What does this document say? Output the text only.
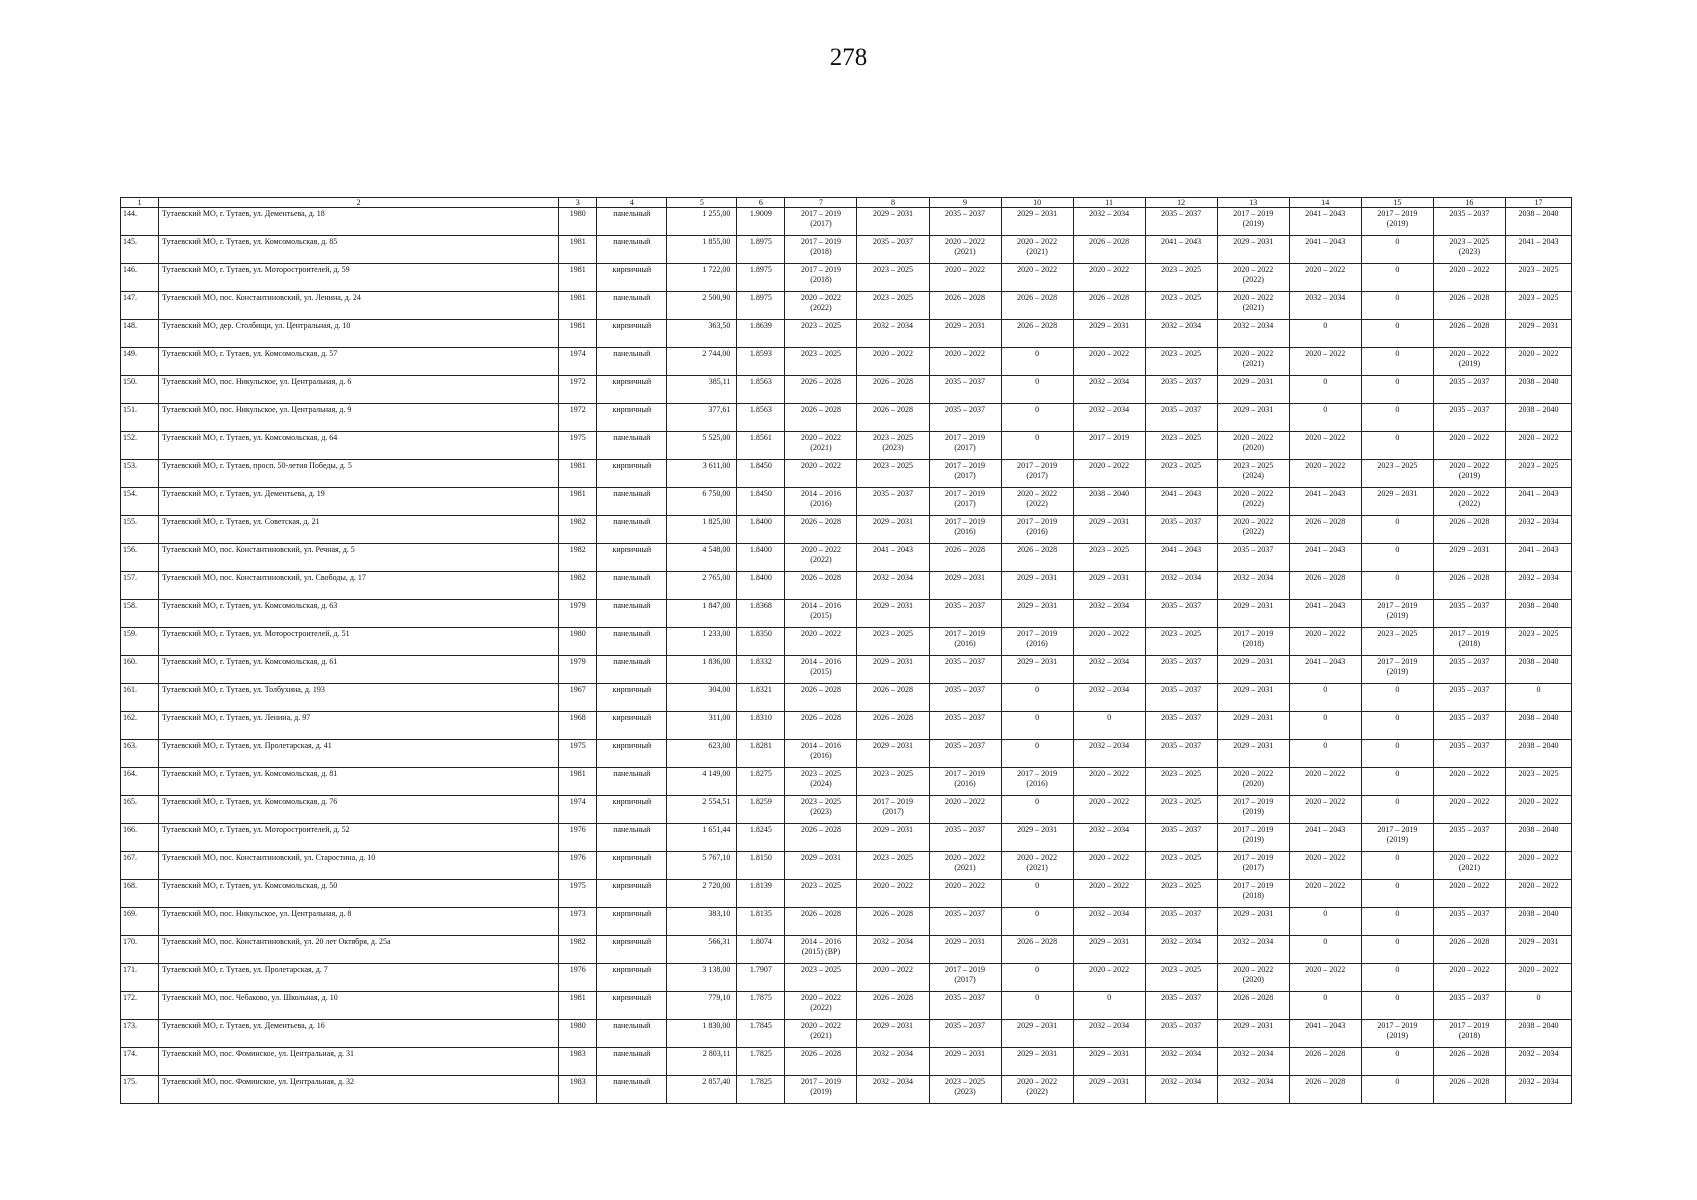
278
1	2	3	4	5	6	7	8	9	10	11	12	13	14	15	16	17
144.	Тутаевский МО, г. Тутаев, ул. Дементьева, д. 18	1980	панельный	1 255,00	1.9009	2017 – 2019
(2017)	2029 – 2031	2035 – 2037	2029 – 2031	2032 – 2034	2035 – 2037	2017 – 2019
(2019)	2041 – 2043	2017 – 2019
(2019)	2035 – 2037	2038 – 2040
145.	Тутаевский МО, г. Тутаев, ул. Комсомольская, д. 85	1981	панельный	1 855,00	1.8975	2017 – 2019
(2018)	2035 – 2037	2020 – 2022
(2021)	2020 – 2022
(2021)	2026 – 2028	2041 – 2043	2029 – 2031	2041 – 2043	0	2023 – 2025
(2023)	2041 – 2043
146.	Тутаевский МО, г. Тутаев, ул. Моторостроителей, д. 59	1981	кирпичный	1 722,00	1.8975	2017 – 2019
(2018)	2023 – 2025	2020 – 2022	2020 – 2022	2020 – 2022	2023 – 2025	2020 – 2022
(2022)	2020 – 2022	0	2020 – 2022	2023 – 2025
147.	Тутаевский МО, пос. Константиновский, ул. Ленина, д. 24	1981	панельный	2 500,90	1.8975	2020 – 2022
(2022)	2023 – 2025	2026 – 2028	2026 – 2028	2026 – 2028	2023 – 2025	2020 – 2022
(2021)	2032 – 2034	0	2026 – 2028	2023 – 2025
148.	Тутаевский МО, дер. Столбищи, ул. Центральная, д. 10	1981	кирпичный	363,50	1.8639	2023 – 2025	2032 – 2034	2029 – 2031	2026 – 2028	2029 – 2031	2032 – 2034	2032 – 2034	0	0	2026 – 2028	2029 – 2031
149.	Тутаевский МО, г. Тутаев, ул. Комсомольская, д. 57	1974	панельный	2 744,00	1.8593	2023 – 2025	2020 – 2022	2020 – 2022	0	2020 – 2022	2023 – 2025	2020 – 2022
(2021)	2020 – 2022	0	2020 – 2022
(2019)	2020 – 2022
150.	Тутаевский МО, пос. Никульское, ул. Центральная, д. 6	1972	кирпичный	385,11	1.8563	2026 – 2028	2026 – 2028	2035 – 2037	0	2032 – 2034	2035 – 2037	2029 – 2031	0	0	2035 – 2037	2038 – 2040
151.	Тутаевский МО, пос. Никульское, ул. Центральная, д. 9	1972	кирпичный	377,61	1.8563	2026 – 2028	2026 – 2028	2035 – 2037	0	2032 – 2034	2035 – 2037	2029 – 2031	0	0	2035 – 2037	2038 – 2040
152.	Тутаевский МО, г. Тутаев, ул. Комсомольская, д. 64	1975	панельный	5 525,00	1.8561	2020 – 2022
(2021)	2023 – 2025
(2023)	2017 – 2019
(2017)	0	2017 – 2019	2023 – 2025	2020 – 2022
(2020)	2020 – 2022	0	2020 – 2022	2020 – 2022
153.	Тутаевский МО, г. Тутаев, просп. 50-летия Победы, д. 5	1981	кирпичный	3 611,00	1.8450	2020 – 2022	2023 – 2025	2017 – 2019
(2017)	2017 – 2019
(2017)	2020 – 2022	2023 – 2025	2023 – 2025
(2024)	2020 – 2022	2023 – 2025	2020 – 2022
(2019)	2023 – 2025
154.	Тутаевский МО, г. Тутаев, ул. Дементьева, д. 19	1981	панельный	6 750,00	1.8450	2014 – 2016
(2016)	2035 – 2037	2017 – 2019
(2017)	2020 – 2022
(2022)	2038 – 2040	2041 – 2043	2020 – 2022
(2022)	2041 – 2043	2029 – 2031	2020 – 2022
(2022)	2041 – 2043
155.	Тутаевский МО, г. Тутаев, ул. Советская, д. 21	1982	панельный	1 825,00	1.8400	2026 – 2028	2029 – 2031	2017 – 2019
(2016)	2017 – 2019
(2016)	2029 – 2031	2035 – 2037	2020 – 2022
(2022)	2026 – 2028	0	2026 – 2028	2032 – 2034
156.	Тутаевский МО, пос. Константиновский, ул. Речная, д. 5	1982	кирпичный	4 548,00	1.8400	2020 – 2022
(2022)	2041 – 2043	2026 – 2028	2026 – 2028	2023 – 2025	2041 – 2043	2035 – 2037	2041 – 2043	0	2029 – 2031	2041 – 2043
157.	Тутаевский МО, пос. Константиновский, ул. Свободы, д. 17	1982	панельный	2 765,00	1.8400	2026 – 2028	2032 – 2034	2029 – 2031	2029 – 2031	2029 – 2031	2032 – 2034	2032 – 2034	2026 – 2028	0	2026 – 2028	2032 – 2034
158.	Тутаевский МО, г. Тутаев, ул. Комсомольская, д. 63	1979	панельный	1 847,00	1.8368	2014 – 2016
(2015)	2029 – 2031	2035 – 2037	2029 – 2031	2032 – 2034	2035 – 2037	2029 – 2031	2041 – 2043	2017 – 2019
(2019)	2035 – 2037	2038 – 2040
159.	Тутаевский МО, г. Тутаев, ул. Моторостроителей, д. 51	1980	панельный	1 233,00	1.8350	2020 – 2022	2023 – 2025	2017 – 2019
(2016)	2017 – 2019
(2016)	2020 – 2022	2023 – 2025	2017 – 2019
(2018)	2020 – 2022	2023 – 2025	2017 – 2019
(2018)	2023 – 2025
160.	Тутаевский МО, г. Тутаев, ул. Комсомольская, д. 61	1979	панельный	1 836,00	1.8332	2014 – 2016
(2015)	2029 – 2031	2035 – 2037	2029 – 2031	2032 – 2034	2035 – 2037	2029 – 2031	2041 – 2043	2017 – 2019
(2019)	2035 – 2037	2038 – 2040
161.	Тутаевский МО, г. Тутаев, ул. Толбухина, д. 193	1967	кирпичный	304,00	1.8321	2026 – 2028	2026 – 2028	2035 – 2037	0	2032 – 2034	2035 – 2037	2029 – 2031	0	0	2035 – 2037	0
162.	Тутаевский МО, г. Тутаев, ул. Ленина, д. 97	1968	кирпичный	311,00	1.8310	2026 – 2028	2026 – 2028	2035 – 2037	0	0	2035 – 2037	2029 – 2031	0	0	2035 – 2037	2038 – 2040
163.	Тутаевский МО, г. Тутаев, ул. Пролетарская, д. 41	1975	кирпичный	623,00	1.8281	2014 – 2016
(2016)	2029 – 2031	2035 – 2037	0	2032 – 2034	2035 – 2037	2029 – 2031	0	0	2035 – 2037	2038 – 2040
164.	Тутаевский МО, г. Тутаев, ул. Комсомольская, д. 81	1981	панельный	4 149,00	1.8275	2023 – 2025
(2024)	2023 – 2025	2017 – 2019
(2016)	2017 – 2019
(2016)	2020 – 2022	2023 – 2025	2020 – 2022
(2020)	2020 – 2022	0	2020 – 2022	2023 – 2025
165.	Тутаевский МО, г. Тутаев, ул. Комсомольская, д. 76	1974	кирпичный	2 554,51	1.8259	2023 – 2025
(2023)	2017 – 2019
(2017)	2020 – 2022	0	2020 – 2022	2023 – 2025	2017 – 2019
(2019)	2020 – 2022	0	2020 – 2022	2020 – 2022
166.	Тутаевский МО, г. Тутаев, ул. Моторостроителей, д. 52	1976	панельный	1 651,44	1.8245	2026 – 2028	2029 – 2031	2035 – 2037	2029 – 2031	2032 – 2034	2035 – 2037	2017 – 2019
(2019)	2041 – 2043	2017 – 2019
(2019)	2035 – 2037	2038 – 2040
167.	Тутаевский МО, пос. Константиновский, ул. Старостина, д. 10	1976	кирпичный	5 767,10	1.8150	2029 – 2031	2023 – 2025	2020 – 2022
(2021)	2020 – 2022
(2021)	2020 – 2022	2023 – 2025	2017 – 2019
(2017)	2020 – 2022	0	2020 – 2022
(2021)	2020 – 2022
168.	Тутаевский МО, г. Тутаев, ул. Комсомольская, д. 50	1975	кирпичный	2 720,00	1.8139	2023 – 2025	2020 – 2022	2020 – 2022	0	2020 – 2022	2023 – 2025	2017 – 2019
(2018)	2020 – 2022	0	2020 – 2022	2020 – 2022
169.	Тутаевский МО, пос. Никульское, ул. Центральная, д. 8	1973	кирпичный	383,10	1.8135	2026 – 2028	2026 – 2028	2035 – 2037	0	2032 – 2034	2035 – 2037	2029 – 2031	0	0	2035 – 2037	2038 – 2040
170.	Тутаевский МО, пос. Константиновский, ул. 20 лет Октября, д. 25а	1982	кирпичный	566,31	1.8074	2014 – 2016
(2015) (ВР)	2032 – 2034	2029 – 2031	2026 – 2028	2029 – 2031	2032 – 2034	2032 – 2034	0	0	2026 – 2028	2029 – 2031
171.	Тутаевский МО, г. Тутаев, ул. Пролетарская, д. 7	1976	кирпичный	3 138,00	1.7907	2023 – 2025	2020 – 2022	2017 – 2019
(2017)	0	2020 – 2022	2023 – 2025	2020 – 2022
(2020)	2020 – 2022	0	2020 – 2022	2020 – 2022
172.	Тутаевский МО, пос. Чебаково, ул. Школьная, д. 10	1981	кирпичный	779,10	1.7875	2020 – 2022
(2022)	2026 – 2028	2035 – 2037	0	0	2035 – 2037	2026 – 2028	0	0	2035 – 2037	0
173.	Тутаевский МО, г. Тутаев, ул. Дементьева, д. 16	1980	панельный	1 830,00	1.7845	2020 – 2022
(2021)	2029 – 2031	2035 – 2037	2029 – 2031	2032 – 2034	2035 – 2037	2029 – 2031	2041 – 2043	2017 – 2019
(2019)	2017 – 2019
(2018)	2038 – 2040
174.	Тутаевский МО, пос. Фоминское, ул. Центральная, д. 31	1983	панельный	2 803,11	1.7825	2026 – 2028	2032 – 2034	2029 – 2031	2029 – 2031	2029 – 2031	2032 – 2034	2032 – 2034	2026 – 2028	0	2026 – 2028	2032 – 2034
175.	Тутаевский МО, пос. Фоминское, ул. Центральная, д. 32	1983	панельный	2 857,40	1.7825	2017 – 2019
(2019)	2032 – 2034	2023 – 2025
(2023)	2020 – 2022
(2022)	2029 – 2031	2032 – 2034	2032 – 2034	2026 – 2028	0	2026 – 2028	2032 – 2034
